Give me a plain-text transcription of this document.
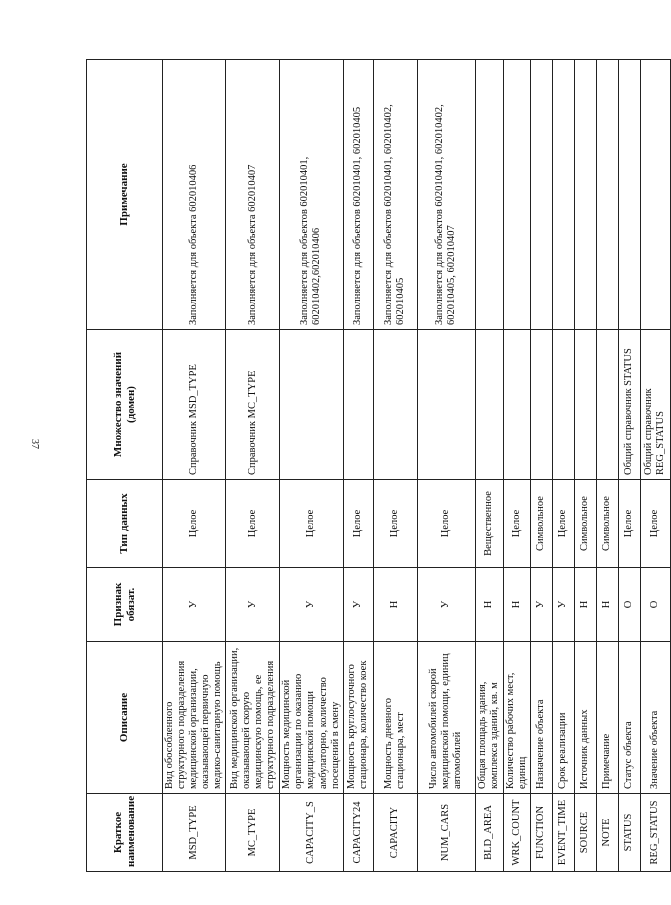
37
Краткое наименование	Описание	Признак обязат.	Тип данных	Множество значений (домен)	Примечание
MSD_TYPE	Вид обособленного структурного подразделения медицинской организации, оказывающей первичную медико-санитарную помощь	У	Целое	Справочник MSD_TYPE	Заполняется для объекта 602010406
MC_TYPE	Вид медицинской организации, оказывающей скорую медицинскую помощь, ее структурного подразделения	У	Целое	Справочник MC_TYPE	Заполняется для объекта 602010407
CAPACITY_S	Мощность медицинской организации по оказанию медицинской помощи амбулаторно, количество посещений в смену	У	Целое		Заполняется для объектов 602010401, 602010402,602010406
CAPACITY24	Мощность круглосуточного стационара, количество коек	У	Целое		Заполняется для объектов 602010401, 602010405
CAPACITY	Мощность дневного стационара, мест	Н	Целое		Заполняется для объектов 602010401, 602010402, 602010405
NUM_CARS	Число автомобилей скорой медицинской помощи, единиц автомобилей	У	Целое		Заполняется для объектов 602010401, 602010402, 602010405, 602010407
BLD_AREA	Общая площадь здания, комплекса зданий, кв. м	Н	Вещественное		
WRK_COUNT	Количество рабочих мест, единиц	Н	Целое		
FUNCTION	Назначение объекта	У	Символьное		
EVENT_TIME	Срок реализации	У	Целое		
SOURCE	Источник данных	Н	Символьное		
NOTE	Примечание	Н	Символьное		
STATUS	Статус объекта	О	Целое	Общий справочник STATUS	
REG_STATUS	Значение объекта	О	Целое	Общий справочник REG_STATUS	
